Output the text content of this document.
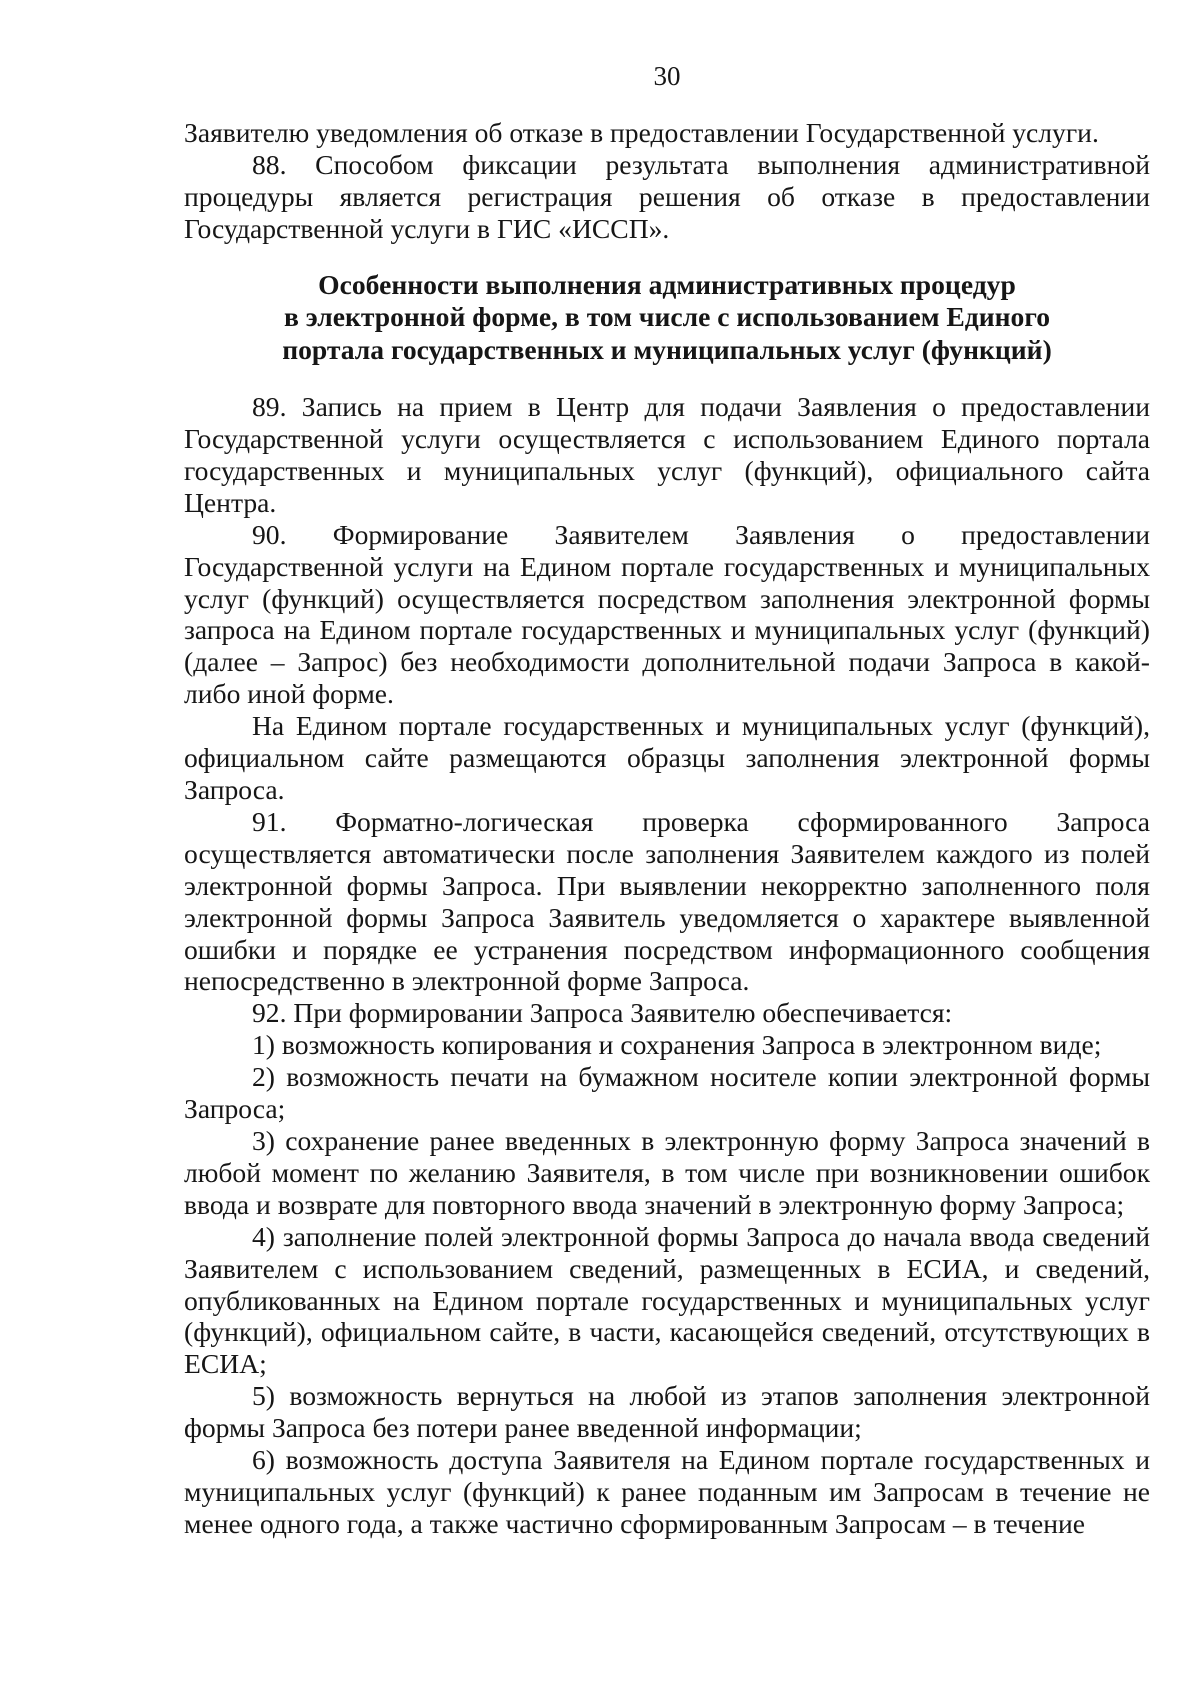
30

Заявителю уведомления об отказе в предоставлении Государственной услуги.

88. Способом фиксации результата выполнения административной процедуры является регистрация решения об отказе в предоставлении Государственной услуги в ГИС «ИССП».

Особенности выполнения административных процедур
в электронной форме, в том числе с использованием Единого
портала государственных и муниципальных услуг (функций)

89. Запись на прием в Центр для подачи Заявления о предоставлении Государственной услуги осуществляется с использованием Единого портала государственных и муниципальных услуг (функций), официального сайта Центра.

90. Формирование Заявителем Заявления о предоставлении Государственной услуги на Едином портале государственных и муниципальных услуг (функций) осуществляется посредством заполнения электронной формы запроса на Едином портале государственных и муниципальных услуг (функций) (далее – Запрос) без необходимости дополнительной подачи Запроса в какой-либо иной форме.

На Едином портале государственных и муниципальных услуг (функций), официальном сайте размещаются образцы заполнения электронной формы Запроса.

91. Форматно-логическая проверка сформированного Запроса осуществляется автоматически после заполнения Заявителем каждого из полей электронной формы Запроса. При выявлении некорректно заполненного поля электронной формы Запроса Заявитель уведомляется о характере выявленной ошибки и порядке ее устранения посредством информационного сообщения непосредственно в электронной форме Запроса.

92. При формировании Запроса Заявителю обеспечивается:

1) возможность копирования и сохранения Запроса в электронном виде;

2) возможность печати на бумажном носителе копии электронной формы Запроса;

3) сохранение ранее введенных в электронную форму Запроса значений в любой момент по желанию Заявителя, в том числе при возникновении ошибок ввода и возврате для повторного ввода значений в электронную форму Запроса;

4) заполнение полей электронной формы Запроса до начала ввода сведений Заявителем с использованием сведений, размещенных в ЕСИА, и сведений, опубликованных на Едином портале государственных и муниципальных услуг (функций), официальном сайте, в части, касающейся сведений, отсутствующих в ЕСИА;

5) возможность вернуться на любой из этапов заполнения электронной формы Запроса без потери ранее введенной информации;

6) возможность доступа Заявителя на Едином портале государственных и муниципальных услуг (функций) к ранее поданным им Запросам в течение не менее одного года, а также частично сформированным Запросам – в течение
